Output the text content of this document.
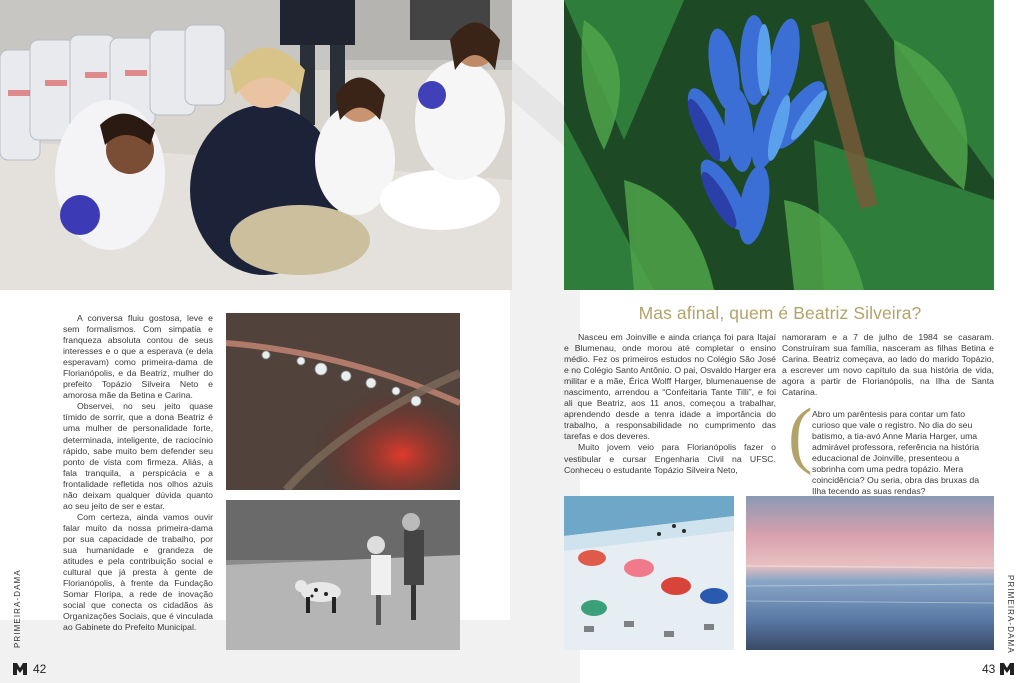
A conversa fluiu gostosa, leve e sem formalismos. Com simpatia e franqueza absoluta contou de seus interesses e o que a esperava (e dela esperavam) como primeira-dama de Florianópolis, e da Beatriz, mulher do prefeito Topázio Silveira Neto e amorosa mãe da Betina e Carina.

Observei, no seu jeito quase tímido de sorrir, que a dona Beatriz é uma mulher de personalidade forte, determinada, inteligente, de raciocínio rápido, sabe muito bem defender seu ponto de vista com firmeza. Aliás, a fala tranquila, a perspicácia e a frontalidade refletida nos olhos azuis não deixam qualquer dúvida quanto ao seu jeito de ser e estar.

Com certeza, ainda vamos ouvir falar muito da nossa primeira-dama por sua capacidade de trabalho, por sua humanidade e grandeza de atitudes e pela contribuição social e cultural que já presta à gente de Florianópolis, à frente da Fundação Somar Floripa, a rede de inovação social que conecta os cidadãos às Organizações Sociais, que é vinculada ao Gabinete do Prefeito Municipal.

PRIMEIRA-DAMA	PRIMEIRA-DAMA
42	43
Mas afinal, quem é Beatriz Silveira?

Nasceu em Joinville e ainda criança foi para Itajaí e Blumenau, onde morou até completar o ensino médio. Fez os primeiros estudos no Colégio São José e no Colégio Santo Antônio. O pai, Osvaldo Harger era militar e a mãe, Érica Wolff Harger, blumenauense de nascimento, arrendou a “Confeitaria Tante Tilli”, e foi ali que Beatriz, aos 11 anos, começou a trabalhar, aprendendo desde a tenra idade a importância do trabalho, a responsabilidade no cumprimento das tarefas e dos deveres.

Muito jovem veio para Florianópolis fazer o vestibular e cursar Engenharia Civil na UFSC. Conheceu o estudante Topázio Silveira Neto,

namoraram e a 7 de julho de 1984 se casaram. Construíram sua família, nasceram as filhas Betina e Carina. Beatriz começava, ao lado do marido Topázio, a escrever um novo capítulo da sua história de vida, agora a partir de Florianópolis, na Ilha de Santa Catarina.

( Abro um parêntesis para contar um fato curioso que vale o registro. No dia do seu batismo, a tia-avó Anne Maria Harger, uma admirável professora, referência na história educacional de Joinville, presenteou a sobrinha com uma pedra topázio. Mera coincidência? Ou seria, obra das bruxas da Ilha tecendo as suas rendas?
